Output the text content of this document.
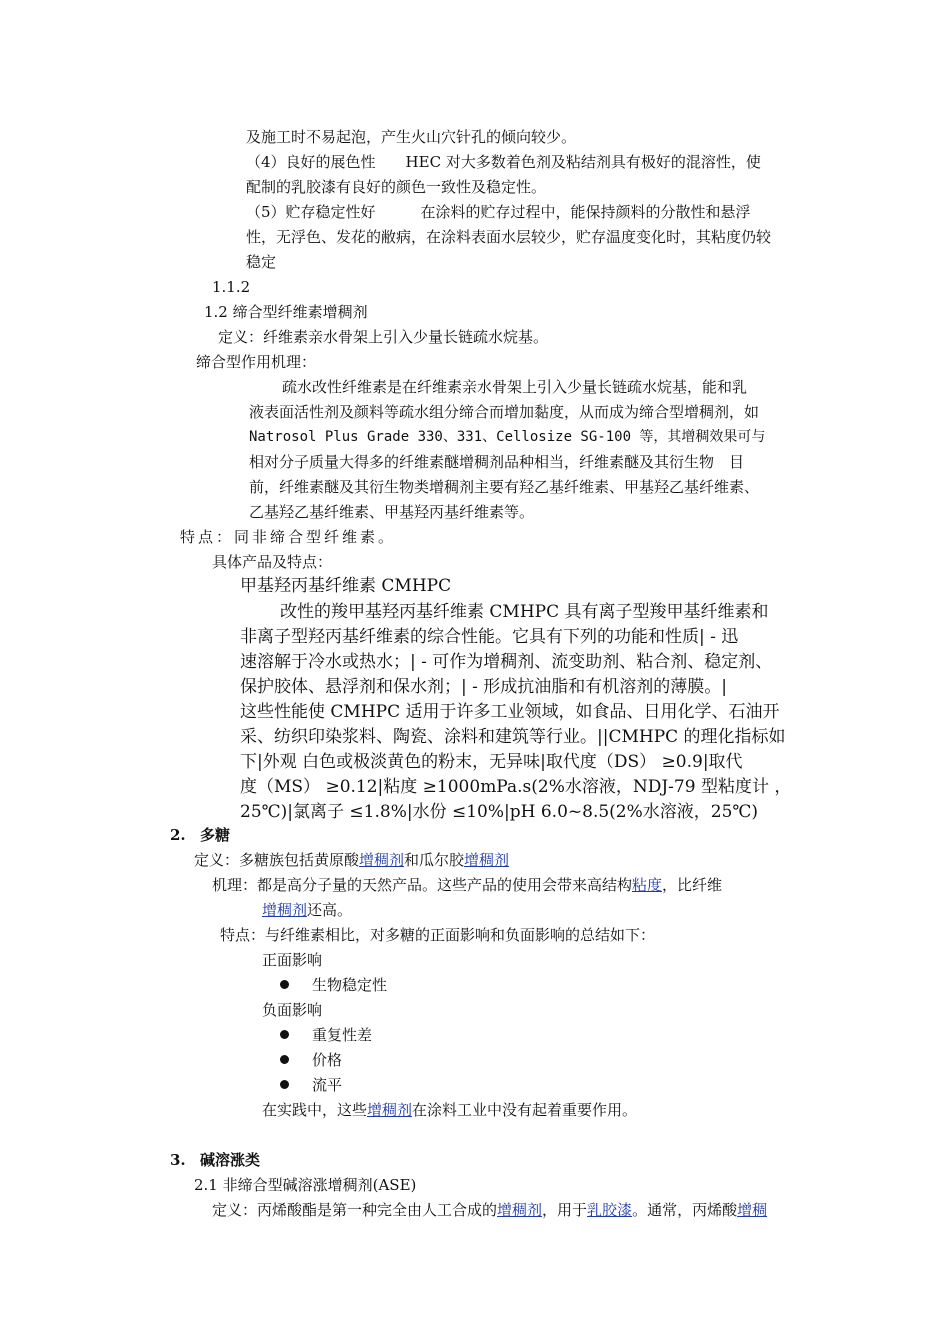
及施工时不易起泡，产生火山穴针孔的倾向较少。
（4）良好的展色性　　HEC 对大多数着色剂及粘结剂具有极好的混溶性，使
配制的乳胶漆有良好的颜色一致性及稳定性。
（5）贮存稳定性好　　　在涂料的贮存过程中，能保持颜料的分散性和悬浮
性，无浮色、发花的敝病，在涂料表面水层较少，贮存温度变化时，其粘度仍较
稳定
1.1.2
1.2 缔合型纤维素增稠剂
定义：纤维素亲水骨架上引入少量长链疏水烷基。
缔合型作用机理：
疏水改性纤维素是在纤维素亲水骨架上引入少量长链疏水烷基，能和乳
液表面活性剂及颜料等疏水组分缔合而增加黏度，从而成为缔合型增稠剂，如
Natrosol Plus Grade 330、331、Cellosize SG-100 等，其增稠效果可与
相对分子质量大得多的纤维素醚增稠剂品种相当，纤维素醚及其衍生物　目
前，纤维素醚及其衍生物类增稠剂主要有羟乙基纤维素、甲基羟乙基纤维素、
乙基羟乙基纤维素、甲基羟丙基纤维素等。
特点：同非缔合型纤维素。
具体产品及特点：
甲基羟丙基纤维素 CMHPC
改性的羧甲基羟丙基纤维素 CMHPC 具有离子型羧甲基纤维素和
非离子型羟丙基纤维素的综合性能。它具有下列的功能和性质| - 迅
速溶解于冷水或热水；| - 可作为增稠剂、流变助剂、粘合剂、稳定剂、
保护胶体、悬浮剂和保水剂；| - 形成抗油脂和有机溶剂的薄膜。|
这些性能使 CMHPC 适用于许多工业领域，如食品、日用化学、石油开
采、纺织印染浆料、陶瓷、涂料和建筑等行业。||CMHPC 的理化指标如
下|外观 白色或极淡黄色的粉末，无异味|取代度（DS） ≥0.9|取代
度（MS） ≥0.12|粘度 ≥1000mPa.s(2%水溶液，NDJ-79 型粘度计 ，
25℃)|氯离子 ≤1.8%|水份 ≤10%|pH 6.0~8.5(2%水溶液，25℃)
2. 多糖
定义：多糖族包括黄原酸增稠剂和瓜尔胶增稠剂
机理：都是高分子量的天然产品。这些产品的使用会带来高结构粘度，比纤维
增稠剂还高。
特点：与纤维素相比，对多糖的正面影响和负面影响的总结如下：
正面影响
生物稳定性
负面影响
重复性差
价格
流平
在实践中，这些增稠剂在涂料工业中没有起着重要作用。
3. 碱溶涨类
2.1 非缔合型碱溶涨增稠剂(ASE)
定义：丙烯酸酯是第一种完全由人工合成的增稠剂，用于乳胶漆。通常，丙烯酸增稠
